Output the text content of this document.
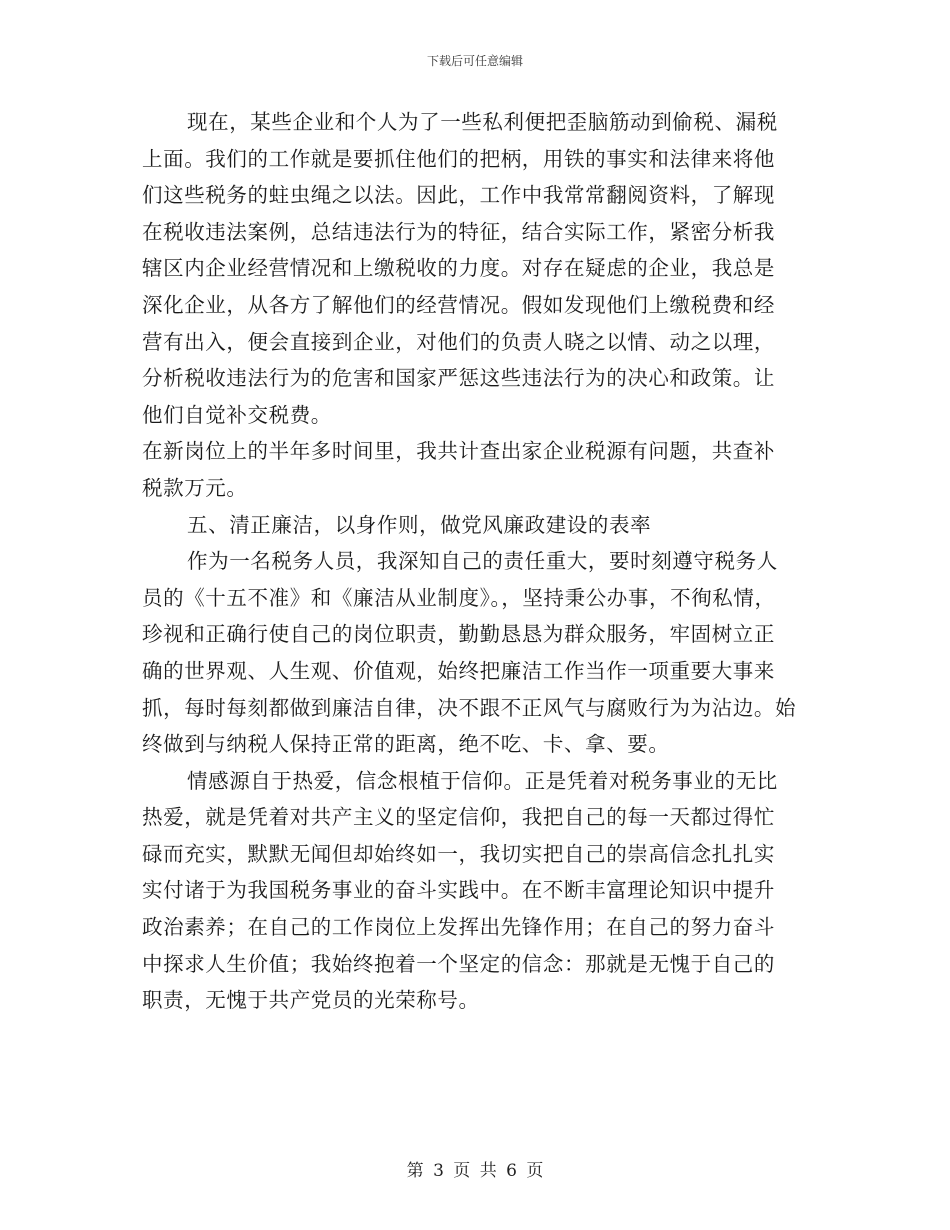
下载后可任意编辑
现在，某些企业和个人为了一些私利便把歪脑筋动到偷税、漏税
上面。我们的工作就是要抓住他们的把柄，用铁的事实和法律来将他
们这些税务的蛀虫绳之以法。因此，工作中我常常翻阅资料，了解现
在税收违法案例，总结违法行为的特征，结合实际工作，紧密分析我
辖区内企业经营情况和上缴税收的力度。对存在疑虑的企业，我总是
深化企业，从各方了解他们的经营情况。假如发现他们上缴税费和经
营有出入，便会直接到企业，对他们的负责人晓之以情、动之以理，
分析税收违法行为的危害和国家严惩这些违法行为的决心和政策。让
他们自觉补交税费。
在新岗位上的半年多时间里，我共计查出家企业税源有问题，共查补
税款万元。
五、清正廉洁，以身作则，做党风廉政建设的表率
作为一名税务人员，我深知自己的责任重大，要时刻遵守税务人
员的《十五不准》和《廉洁从业制度》。，坚持秉公办事，不徇私情，
珍视和正确行使自己的岗位职责，勤勤恳恳为群众服务，牢固树立正
确的世界观、人生观、价值观，始终把廉洁工作当作一项重要大事来
抓，每时每刻都做到廉洁自律，决不跟不正风气与腐败行为为沾边。始
终做到与纳税人保持正常的距离，绝不吃、卡、拿、要。
情感源自于热爱，信念根植于信仰。正是凭着对税务事业的无比
热爱，就是凭着对共产主义的坚定信仰，我把自己的每一天都过得忙
碌而充实，默默无闻但却始终如一，我切实把自己的崇高信念扎扎实
实付诸于为我国税务事业的奋斗实践中。在不断丰富理论知识中提升
政治素养；在自己的工作岗位上发挥出先锋作用；在自己的努力奋斗
中探求人生价值；我始终抱着一个坚定的信念：那就是无愧于自己的
职责，无愧于共产党员的光荣称号。
第 3 页 共 6 页
